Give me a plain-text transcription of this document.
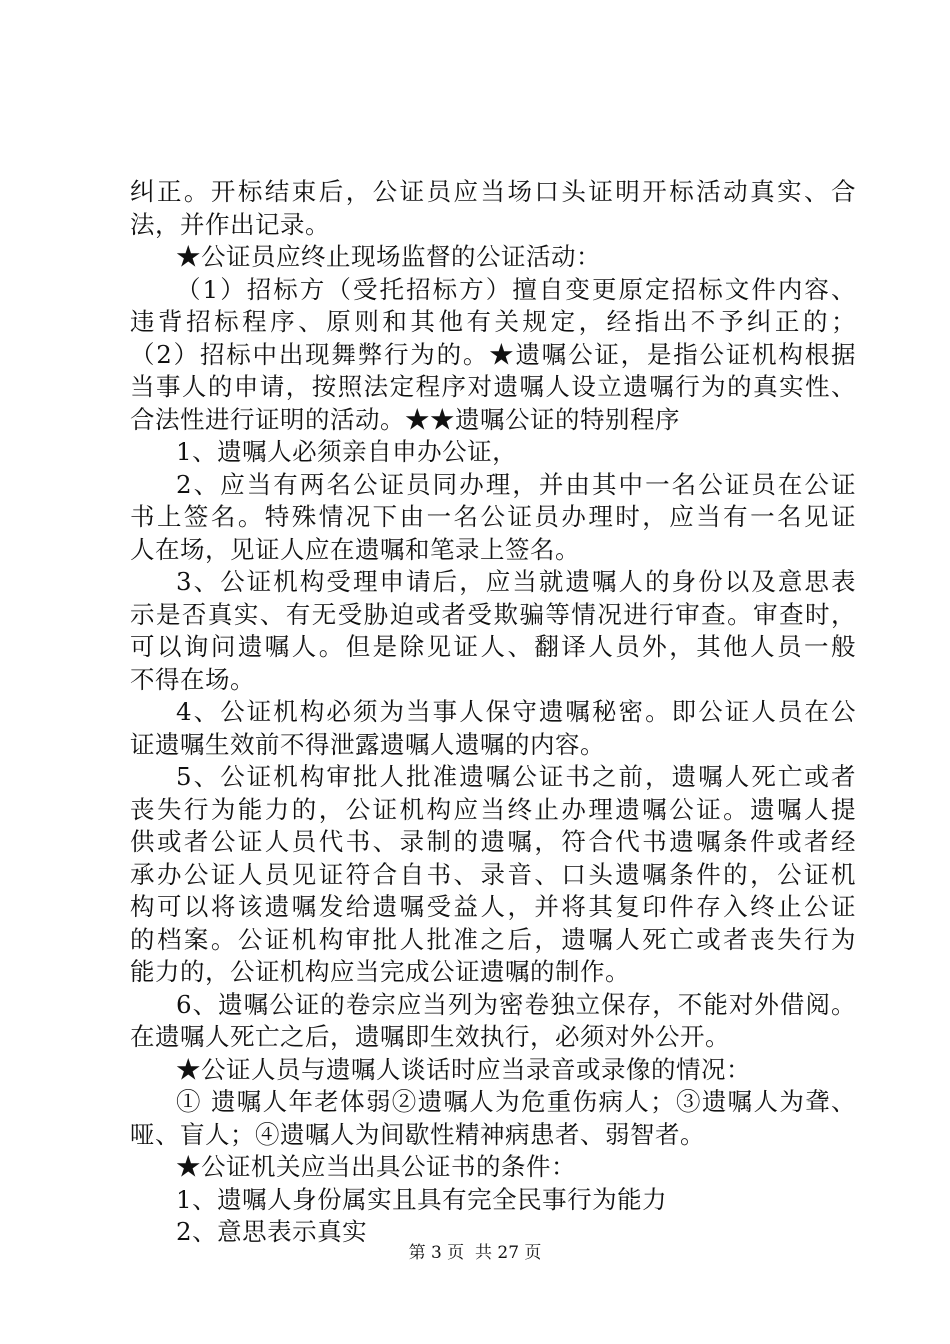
纠正。开标结束后，公证员应当场口头证明开标活动真实、合
法，并作出记录。
★公证员应终止现场监督的公证活动：
（1）招标方（受托招标方）擅自变更原定招标文件内容、
违背招标程序、原则和其他有关规定，经指出不予纠正的；
（2）招标中出现舞弊行为的。★遗嘱公证，是指公证机构根据
当事人的申请，按照法定程序对遗嘱人设立遗嘱行为的真实性、
合法性进行证明的活动。★★遗嘱公证的特别程序
1、遗嘱人必须亲自申办公证，
2、应当有两名公证员同办理，并由其中一名公证员在公证
书上签名。特殊情况下由一名公证员办理时，应当有一名见证
人在场，见证人应在遗嘱和笔录上签名。
3、公证机构受理申请后，应当就遗嘱人的身份以及意思表
示是否真实、有无受胁迫或者受欺骗等情况进行审查。审查时，
可以询问遗嘱人。但是除见证人、翻译人员外，其他人员一般
不得在场。
4、公证机构必须为当事人保守遗嘱秘密。即公证人员在公
证遗嘱生效前不得泄露遗嘱人遗嘱的内容。
5、公证机构审批人批准遗嘱公证书之前，遗嘱人死亡或者
丧失行为能力的，公证机构应当终止办理遗嘱公证。遗嘱人提
供或者公证人员代书、录制的遗嘱，符合代书遗嘱条件或者经
承办公证人员见证符合自书、录音、口头遗嘱条件的，公证机
构可以将该遗嘱发给遗嘱受益人，并将其复印件存入终止公证
的档案。公证机构审批人批准之后，遗嘱人死亡或者丧失行为
能力的，公证机构应当完成公证遗嘱的制作。
6、遗嘱公证的卷宗应当列为密卷独立保存，不能对外借阅。
在遗嘱人死亡之后，遗嘱即生效执行，必须对外公开。
★公证人员与遗嘱人谈话时应当录音或录像的情况：
① 遗嘱人年老体弱②遗嘱人为危重伤病人；③遗嘱人为聋、
哑、盲人；④遗嘱人为间歇性精神病患者、弱智者。
★公证机关应当出具公证书的条件：
1、遗嘱人身份属实且具有完全民事行为能力
2、意思表示真实
第 3 页  共 27 页
